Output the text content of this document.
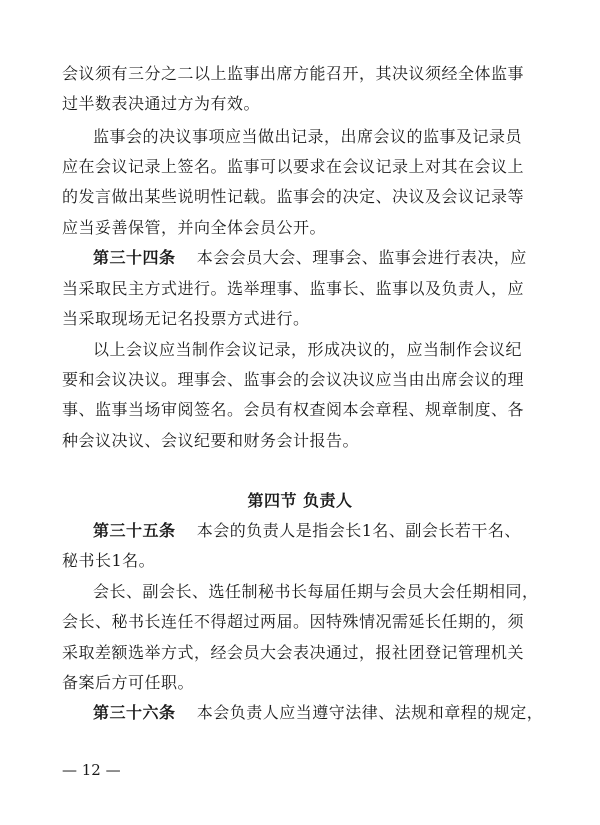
会议须有三分之二以上监事出席方能召开，其决议须经全体监事
过半数表决通过方为有效。
监事会的决议事项应当做出记录，出席会议的监事及记录员
应在会议记录上签名。监事可以要求在会议记录上对其在会议上
的发言做出某些说明性记载。监事会的决定、决议及会议记录等
应当妥善保管，并向全体会员公开。
第三十四条 本会会员大会、理事会、监事会进行表决，应
当采取民主方式进行。选举理事、监事长、监事以及负责人，应
当采取现场无记名投票方式进行。
以上会议应当制作会议记录，形成决议的，应当制作会议纪
要和会议决议。理事会、监事会的会议决议应当由出席会议的理
事、监事当场审阅签名。会员有权查阅本会章程、规章制度、各
种会议决议、会议纪要和财务会计报告。
第四节 负责人
第三十五条 本会的负责人是指会长1名、副会长若干名、
秘书长1名。
会长、副会长、选任制秘书长每届任期与会员大会任期相同，
会长、秘书长连任不得超过两届。因特殊情况需延长任期的，须
采取差额选举方式，经会员大会表决通过，报社团登记管理机关
备案后方可任职。
第三十六条 本会负责人应当遵守法律、法规和章程的规定，
— 12 —
